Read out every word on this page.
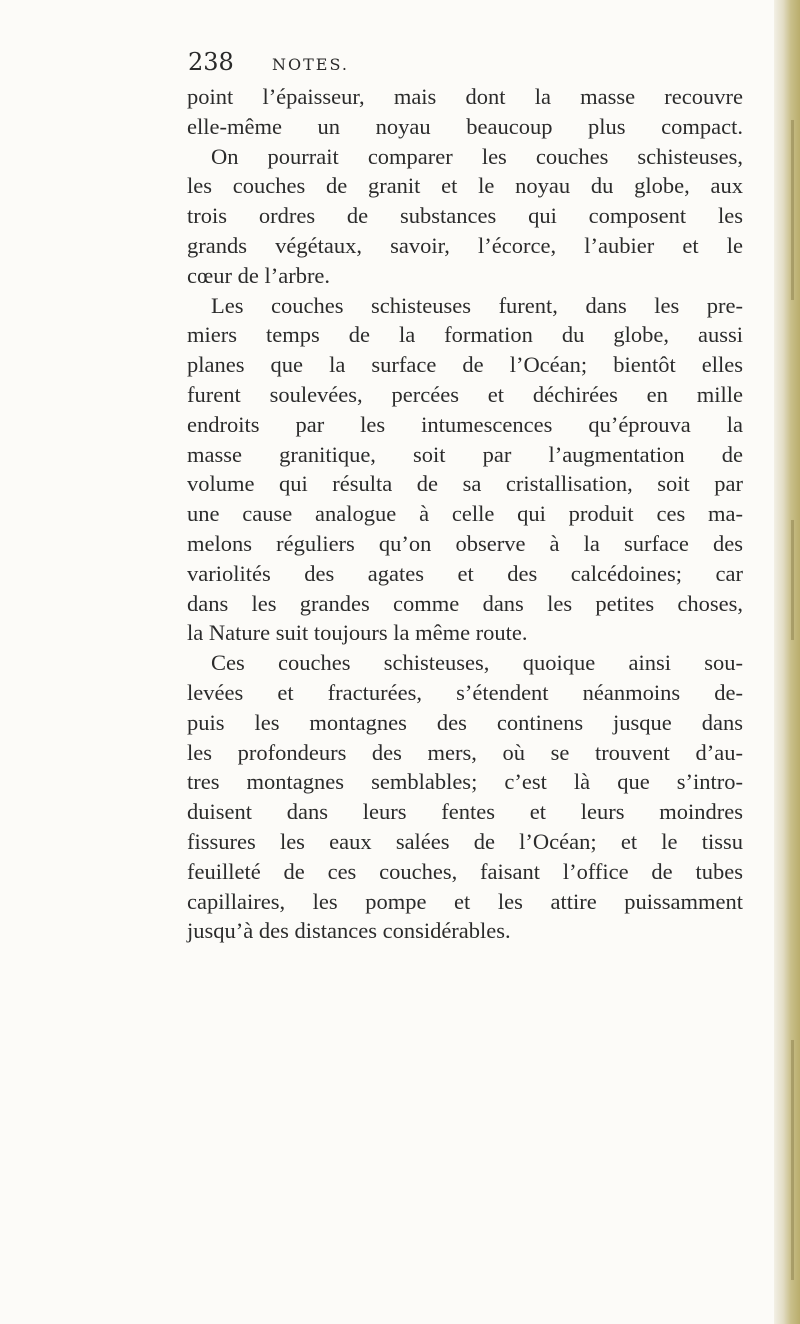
238 NOTES.
point l’épaisseur, mais dont la masse recouvre
elle-même un noyau beaucoup plus compact.
On pourrait comparer les couches schisteuses,
les couches de granit et le noyau du globe, aux
trois ordres de substances qui composent les
grands végétaux, savoir, l’écorce, l’aubier et le
cœur de l’arbre.
Les couches schisteuses furent, dans les pre-
miers temps de la formation du globe, aussi
planes que la surface de l’Océan; bientôt elles
furent soulevées, percées et déchirées en mille
endroits par les intumescences qu’éprouva la
masse granitique, soit par l’augmentation de
volume qui résulta de sa cristallisation, soit par
une cause analogue à celle qui produit ces ma-
melons réguliers qu’on observe à la surface des
variolités des agates et des calcédoines; car
dans les grandes comme dans les petites choses,
la Nature suit toujours la même route.
Ces couches schisteuses, quoique ainsi sou-
levées et fracturées, s’étendent néanmoins de-
puis les montagnes des continens jusque dans
les profondeurs des mers, où se trouvent d’au-
tres montagnes semblables; c’est là que s’intro-
duisent dans leurs fentes et leurs moindres
fissures les eaux salées de l’Océan; et le tissu
feuilleté de ces couches, faisant l’office de tubes
capillaires, les pompe et les attire puissamment
jusqu’à des distances considérables.
